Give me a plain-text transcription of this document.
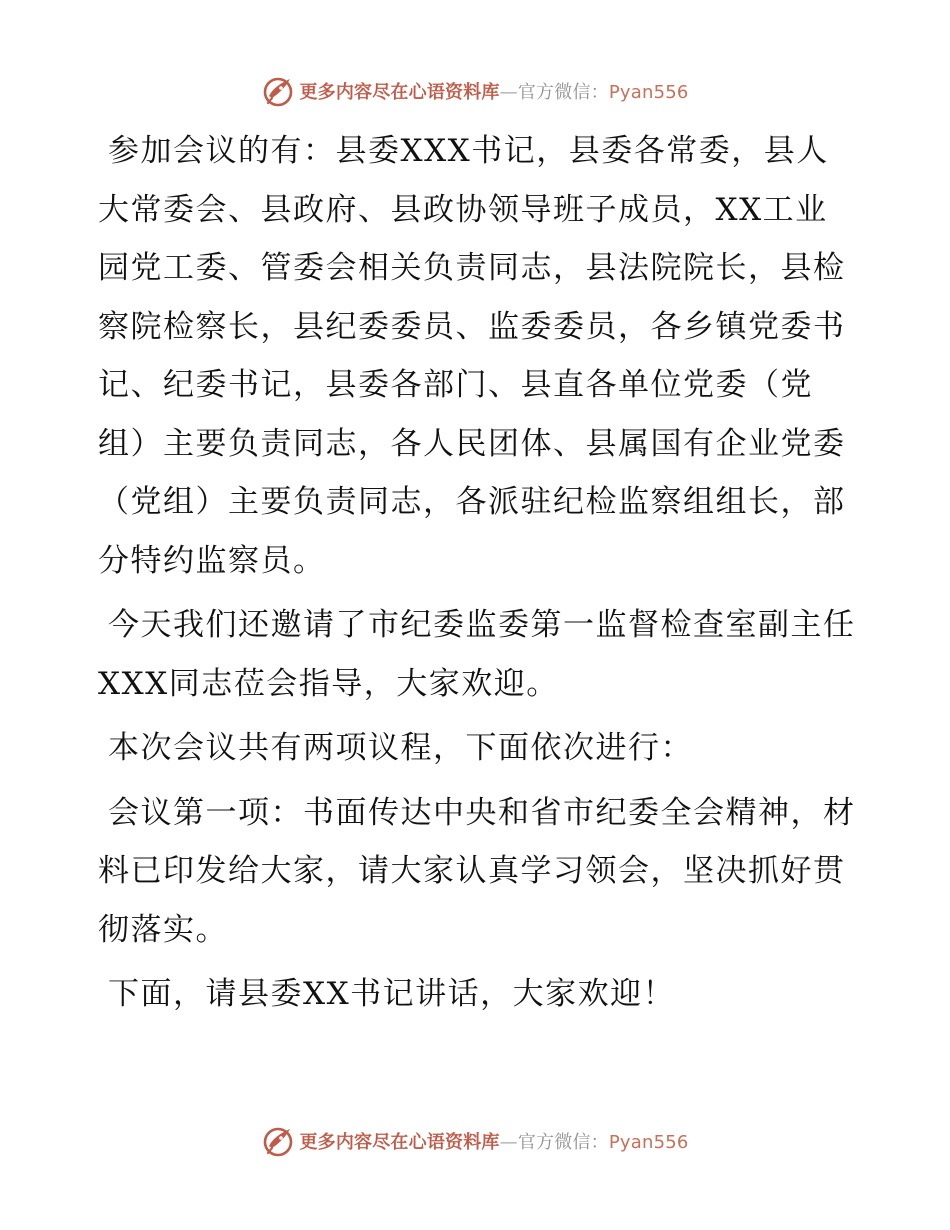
更多内容尽在心语资料库—官方微信：Pyan556

参加会议的有：县委XXX书记，县委各常委，县人大常委会、县政府、县政协领导班子成员，XX工业园党工委、管委会相关负责同志，县法院院长，县检察院检察长，县纪委委员、监委委员，各乡镇党委书记、纪委书记，县委各部门、县直各单位党委（党组）主要负责同志，各人民团体、县属国有企业党委（党组）主要负责同志，各派驻纪检监察组组长，部分特约监察员。

今天我们还邀请了市纪委监委第一监督检查室副主任XXX同志莅会指导，大家欢迎。

本次会议共有两项议程，下面依次进行：

会议第一项：书面传达中央和省市纪委全会精神，材料已印发给大家，请大家认真学习领会，坚决抓好贯彻落实。

下面，请县委XX书记讲话，大家欢迎！

更多内容尽在心语资料库—官方微信：Pyan556
